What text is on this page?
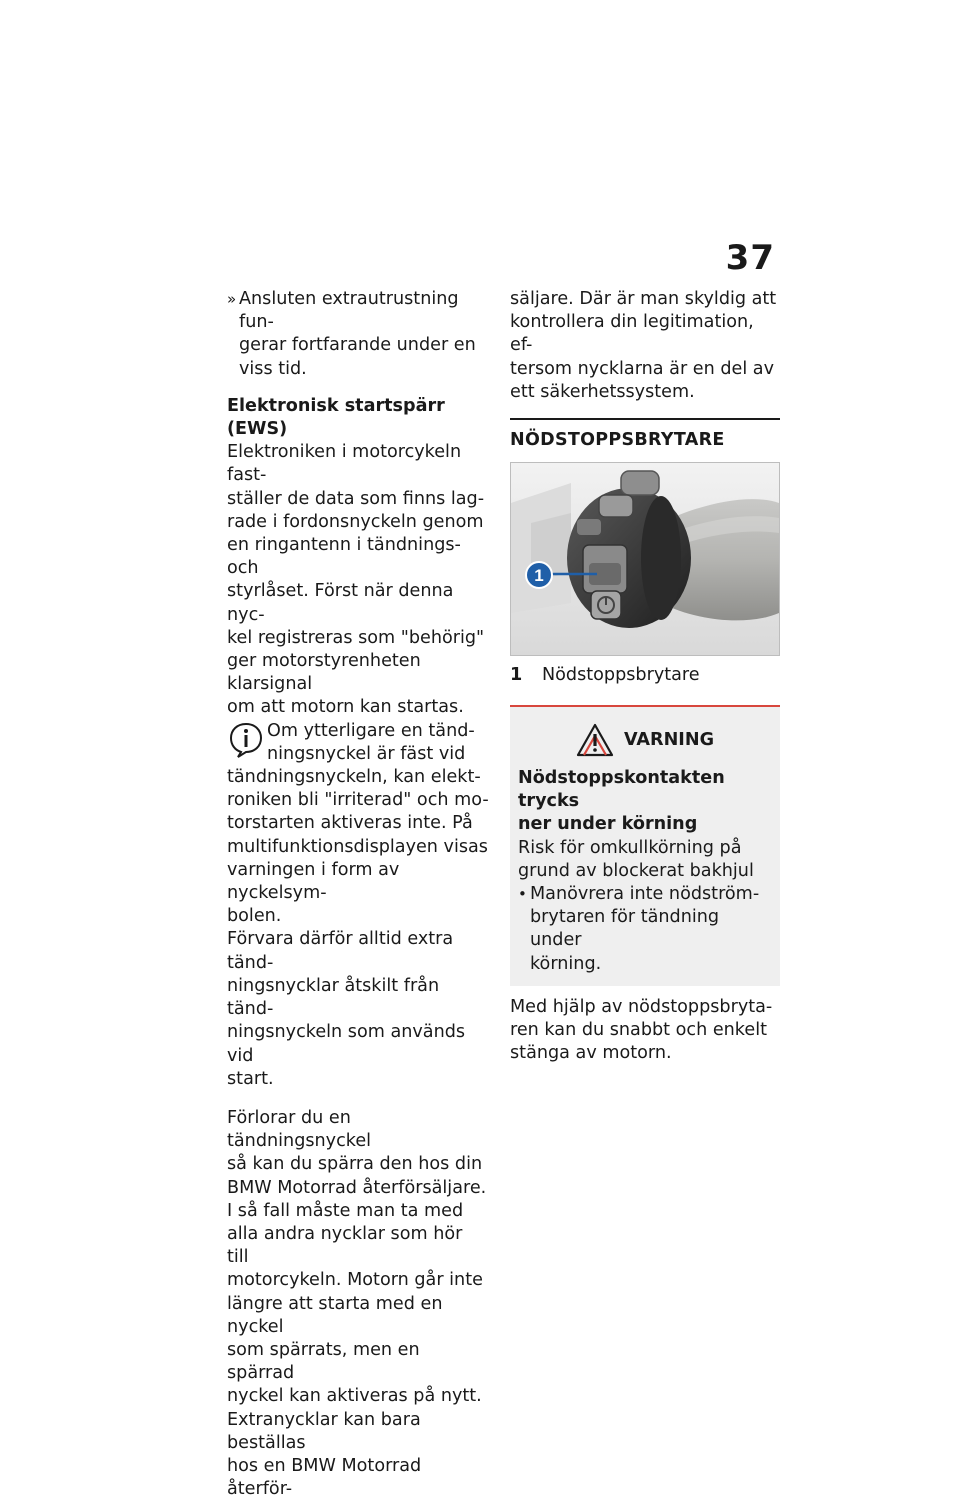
37
» Ansluten extrautrustning fun-
gerar fortfarande under en
viss tid.
Elektronisk startspärr (EWS)
Elektroniken i motorcykeln fast-
ställer de data som finns lag-
rade i fordonsnyckeln genom
en ringantenn i tändnings- och
styrlåset. Först när denna nyc-
kel registreras som "behörig"
ger motorstyrenheten klarsignal
om att motorn kan startas.
Om ytterligare en tänd-
ningsnyckel är fäst vid
tändningsnyckeln, kan elekt-
roniken bli "irriterad" och mo-
torstarten aktiveras inte. På
multifunktionsdisplayen visas
varningen i form av nyckelsym-
bolen.
Förvara därför alltid extra tänd-
ningsnycklar åtskilt från tänd-
ningsnyckeln som används vid
start.
Förlorar du en tändningsnyckel
så kan du spärra den hos din
BMW Motorrad återförsäljare.
I så fall måste man ta med
alla andra nycklar som hör till
motorcykeln. Motorn går inte
längre att starta med en nyckel
som spärrats, men en spärrad
nyckel kan aktiveras på nytt.
Extranycklar kan bara beställas
hos en BMW Motorrad återför-
säljare. Där är man skyldig att
kontrollera din legitimation, ef-
tersom nycklarna är en del av
ett säkerhetssystem.
NÖDSTOPPSBRYTARE
1
1	Nödstoppsbrytare
VARNING
Nödstoppskontakten trycks
ner under körning
Risk för omkullkörning på
grund av blockerat bakhjul
• Manövrera inte nödström-
brytaren för tändning under
körning.
Med hjälp av nödstoppsbryta-
ren kan du snabbt och enkelt
stänga av motorn.
